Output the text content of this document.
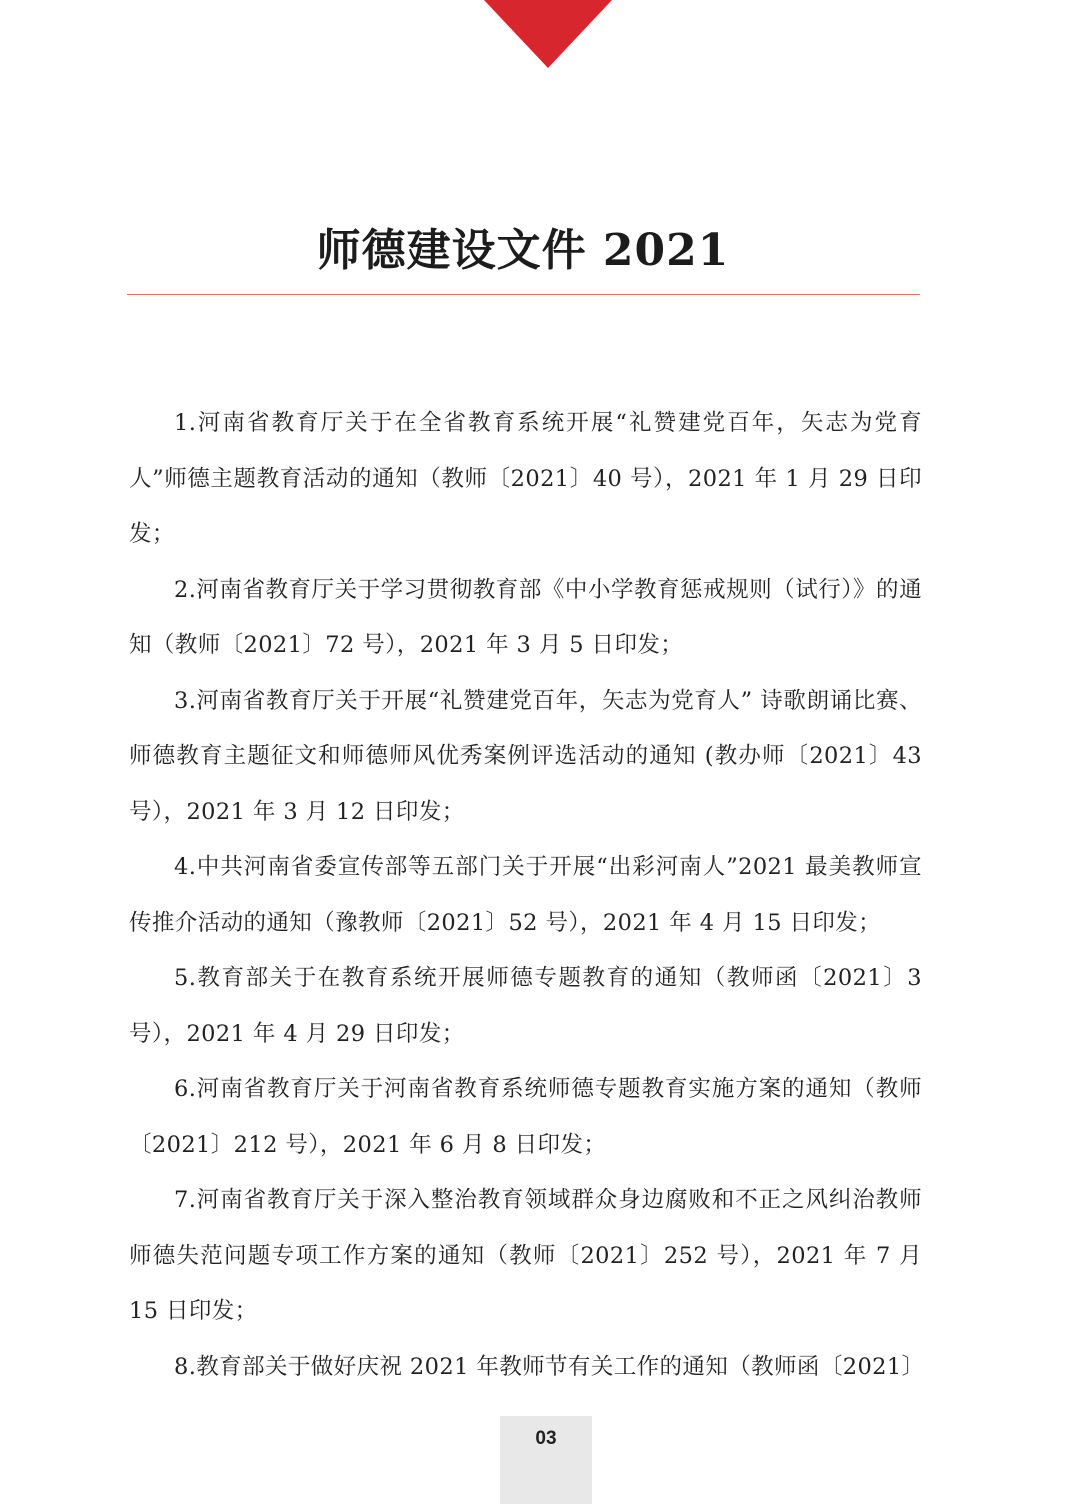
师德建设文件 2021

1.河南省教育厅关于在全省教育系统开展“礼赞建党百年，矢志为党育人”师德主题教育活动的通知（教师〔2021〕40 号），2021 年 1 月 29 日印发；

2.河南省教育厅关于学习贯彻教育部《中小学教育惩戒规则（试行）》的通知（教师〔2021〕72 号），2021 年 3 月 5 日印发；

3.河南省教育厅关于开展“礼赞建党百年，矢志为党育人” 诗歌朗诵比赛、师德教育主题征文和师德师风优秀案例评选活动的通知 (教办师〔2021〕43 号），2021 年 3 月 12 日印发；

4.中共河南省委宣传部等五部门关于开展“出彩河南人”2021 最美教师宣传推介活动的通知（豫教师〔2021〕52 号），2021 年 4 月 15 日印发；

5.教育部关于在教育系统开展师德专题教育的通知（教师函〔2021〕3 号），2021 年 4 月 29 日印发；

6.河南省教育厅关于河南省教育系统师德专题教育实施方案的通知（教师〔2021〕212 号），2021 年 6 月 8 日印发；

7.河南省教育厅关于深入整治教育领域群众身边腐败和不正之风纠治教师师德失范问题专项工作方案的通知（教师〔2021〕252 号），2021 年 7 月 15 日印发；

8.教育部关于做好庆祝 2021 年教师节有关工作的通知（教师函〔2021〕

03
